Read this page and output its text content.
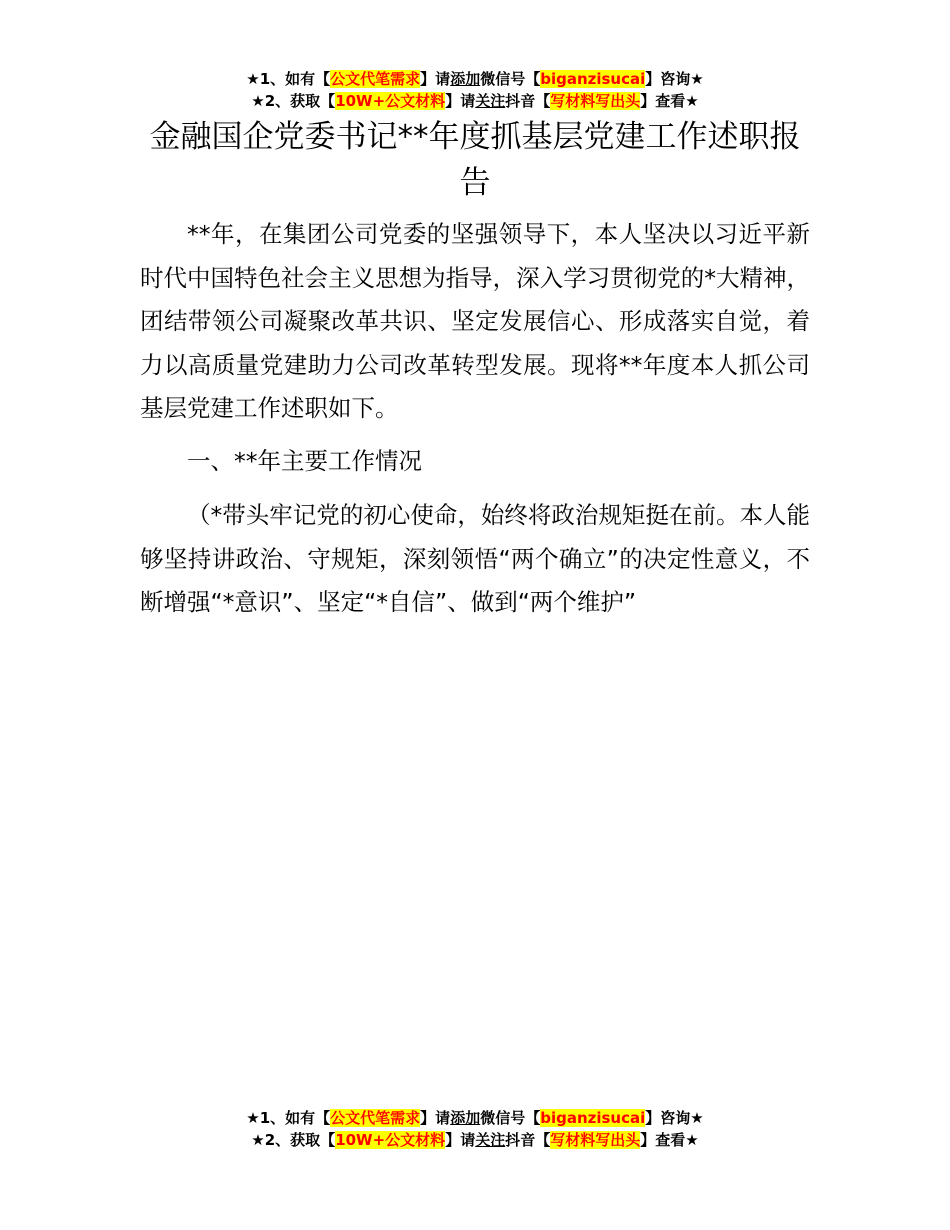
★1、如有【公文代笔需求】请添加微信号【biganzisucai】咨询★
★2、获取【10W+公文材料】请关注抖音【写材料写出头】查看★
金融国企党委书记**年度抓基层党建工作述职报告
**年，在集团公司党委的坚强领导下，本人坚决以习近平新时代中国特色社会主义思想为指导，深入学习贯彻党的*大精神，团结带领公司凝聚改革共识、坚定发展信心、形成落实自觉，着力以高质量党建助力公司改革转型发展。现将**年度本人抓公司基层党建工作述职如下。
一、**年主要工作情况
（*带头牢记党的初心使命，始终将政治规矩挺在前。本人能够坚持讲政治、守规矩，深刻领悟“两个确立”的决定性意义，不断增强“*意识”、坚定“*自信”、做到“两个维护”
★1、如有【公文代笔需求】请添加微信号【biganzisucai】咨询★
★2、获取【10W+公文材料】请关注抖音【写材料写出头】查看★
